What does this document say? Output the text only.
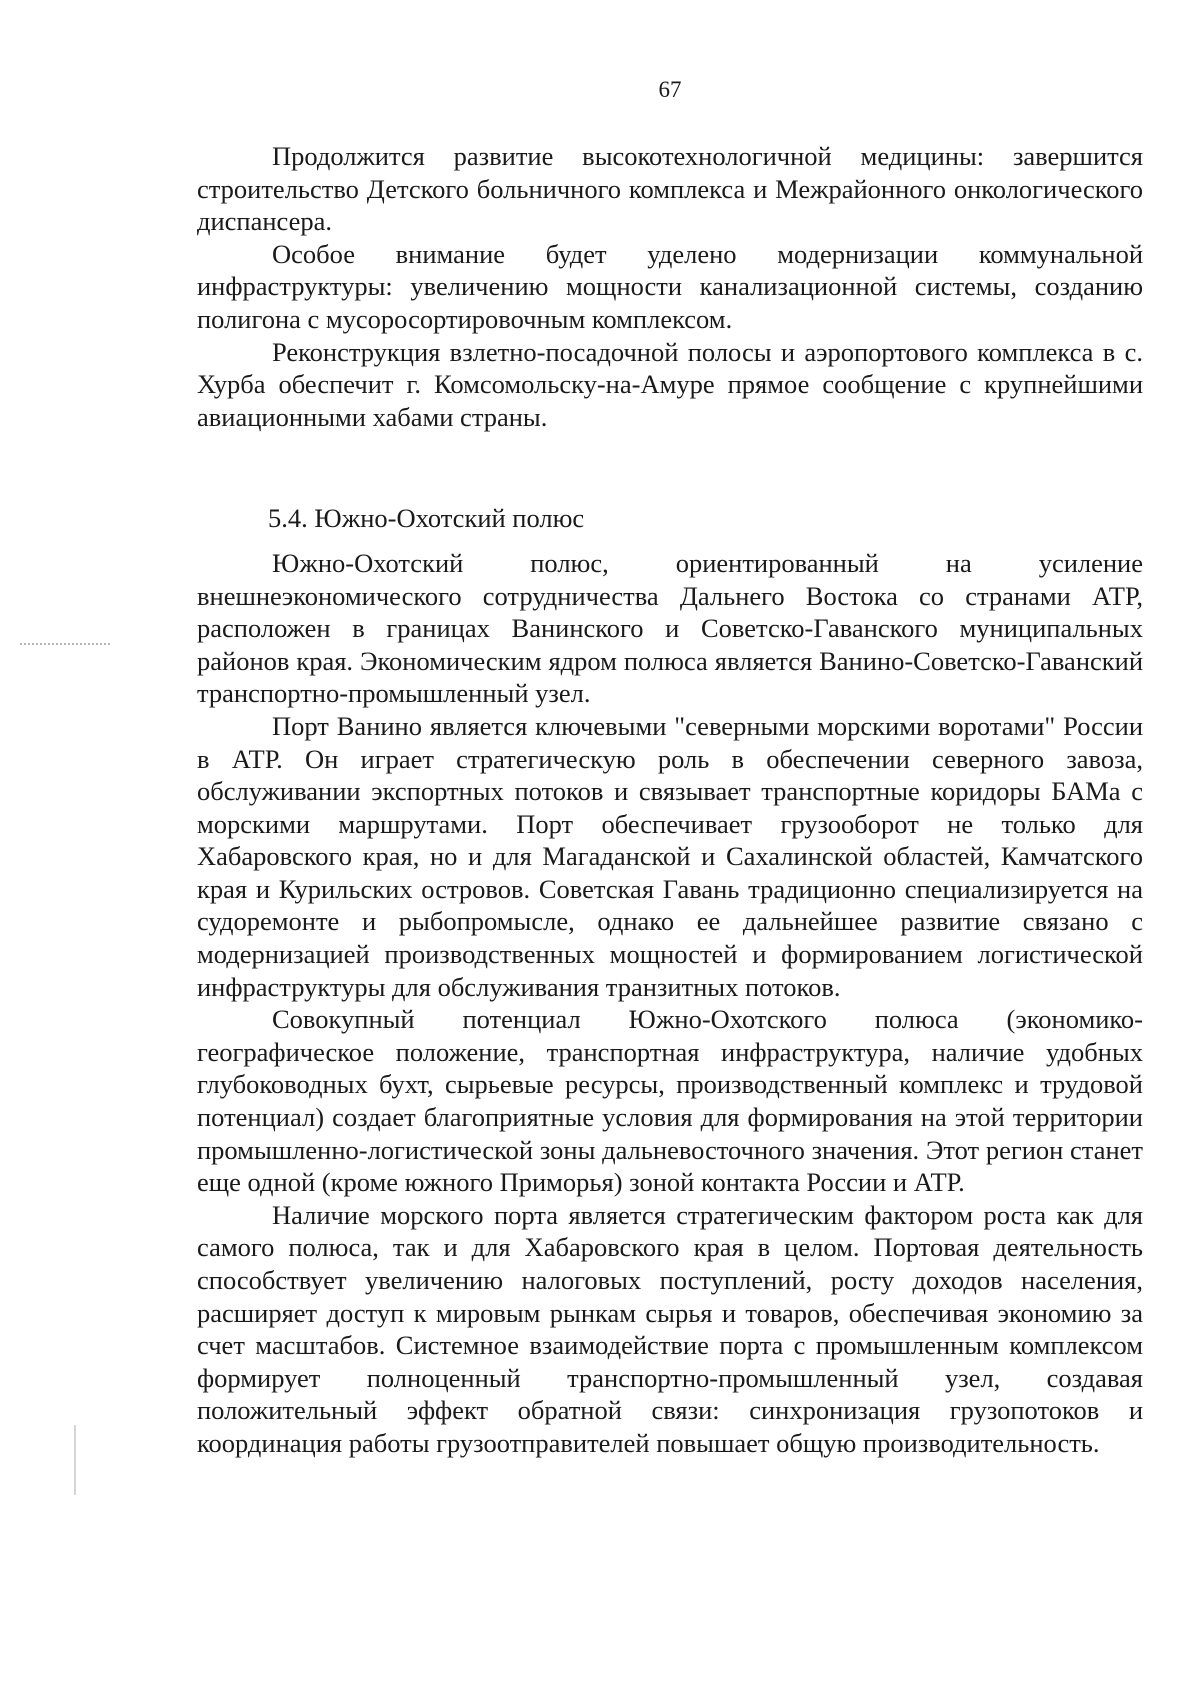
67

Продолжится развитие высокотехнологичной медицины: завершится строительство Детского больничного комплекса и Межрайонного онкологического диспансера.

Особое внимание будет уделено модернизации коммунальной инфраструктуры: увеличению мощности канализационной системы, созданию полигона с мусоросортировочным комплексом.

Реконструкция взлетно-посадочной полосы и аэропортового комплекса в с. Хурба обеспечит г. Комсомольску-на-Амуре прямое сообщение с крупнейшими авиационными хабами страны.

5.4. Южно-Охотский полюс

Южно-Охотский полюс, ориентированный на усиление внешнеэкономического сотрудничества Дальнего Востока со странами АТР, расположен в границах Ванинского и Советско-Гаванского муниципальных районов края. Экономическим ядром полюса является Ванино-Советско-Гаванский транспортно-промышленный узел.

Порт Ванино является ключевыми "северными морскими воротами" России в АТР. Он играет стратегическую роль в обеспечении северного завоза, обслуживании экспортных потоков и связывает транспортные коридоры БАМа с морскими маршрутами. Порт обеспечивает грузооборот не только для Хабаровского края, но и для Магаданской и Сахалинской областей, Камчатского края и Курильских островов. Советская Гавань традиционно специализируется на судоремонте и рыбопромысле, однако ее дальнейшее развитие связано с модернизацией производственных мощностей и формированием логистической инфраструктуры для обслуживания транзитных потоков.

Совокупный потенциал Южно-Охотского полюса (экономико-географическое положение, транспортная инфраструктура, наличие удобных глубоководных бухт, сырьевые ресурсы, производственный комплекс и трудовой потенциал) создает благоприятные условия для формирования на этой территории промышленно-логистической зоны дальневосточного значения. Этот регион станет еще одной (кроме южного Приморья) зоной контакта России и АТР.

Наличие морского порта является стратегическим фактором роста как для самого полюса, так и для Хабаровского края в целом. Портовая деятельность способствует увеличению налоговых поступлений, росту доходов населения, расширяет доступ к мировым рынкам сырья и товаров, обеспечивая экономию за счет масштабов. Системное взаимодействие порта с промышленным комплексом формирует полноценный транспортно-промышленный узел, создавая положительный эффект обратной связи: синхронизация грузопотоков и координация работы грузоотправителей повышает общую производительность.
